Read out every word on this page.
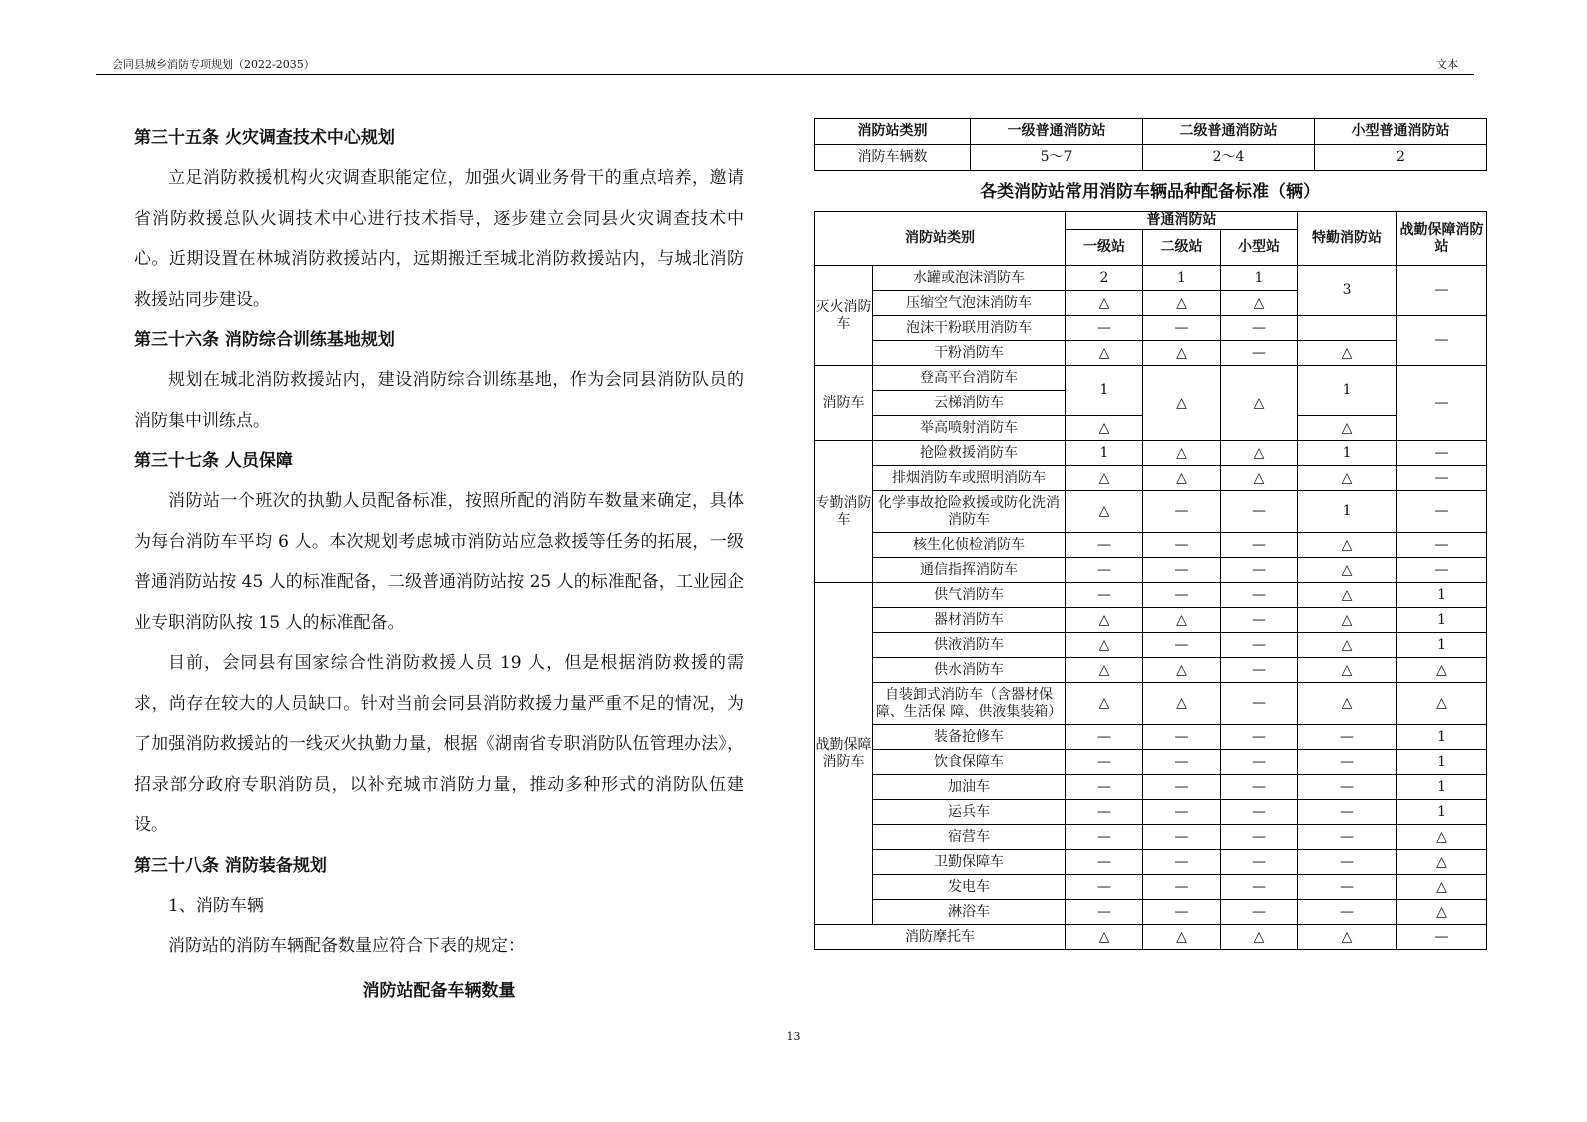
会同县城乡消防专项规划（2022-2035）	文本
第三十五条 火灾调查技术中心规划

立足消防救援机构火灾调查职能定位，加强火调业务骨干的重点培养，邀请省消防救援总队火调技术中心进行技术指导，逐步建立会同县火灾调查技术中心。近期设置在林城消防救援站内，远期搬迁至城北消防救援站内，与城北消防救援站同步建设。

第三十六条 消防综合训练基地规划

规划在城北消防救援站内，建设消防综合训练基地，作为会同县消防队员的消防集中训练点。

第三十七条 人员保障

消防站一个班次的执勤人员配备标准，按照所配的消防车数量来确定，具体为每台消防车平均 6 人。本次规划考虑城市消防站应急救援等任务的拓展，一级普通消防站按 45 人的标准配备，二级普通消防站按 25 人的标准配备，工业园企业专职消防队按 15 人的标准配备。

目前，会同县有国家综合性消防救援人员 19 人，但是根据消防救援的需求，尚存在较大的人员缺口。针对当前会同县消防救援力量严重不足的情况，为了加强消防救援站的一线灭火执勤力量，根据《湖南省专职消防队伍管理办法》，招录部分政府专职消防员，以补充城市消防力量，推动多种形式的消防队伍建设。

第三十八条 消防装备规划

1、消防车辆

消防站的消防车辆配备数量应符合下表的规定：

消防站配备车辆数量
消防站类别	一级普通消防站	二级普通消防站	小型普通消防站
消防车辆数	5～7	2～4	2
各类消防站常用消防车辆品种配备标准（辆）
消防站类别		普通消防站			特勤消防站	战勤保障消防站
		一级站	二级站	小型站		
灭火消防车	水罐或泡沫消防车	2	1	1	3	—
	压缩空气泡沫消防车	△	△	△		
	泡沫干粉联用消防车	—	—	—		—
	干粉消防车	△	△	—	△	
消防车	登高平台消防车	1	△	△	1	—
	云梯消防车					
	举高喷射消防车	△			△	
专勤消防车	抢险救援消防车	1	△	△	1	—
	排烟消防车或照明消防车	△	△	△	△	—
	化学事故抢险救援或防化洗消消防车	△	—	—	1	—
	核生化侦检消防车	—	—	—	△	—
	通信指挥消防车	—	—	—	△	—
战勤保障消防车	供气消防车	—	—	—	△	1
	器材消防车	△	△	—	△	1
	供液消防车	△	—	—	△	1
	供水消防车	△	△	—	△	△
	自装卸式消防车（含器材保障、生活保 障、供液集装箱）	△	△	—	△	△
	装备抢修车	—	—	—	—	1
	饮食保障车	—	—	—	—	1
	加油车	—	—	—	—	1
	运兵车	—	—	—	—	1
	宿营车	—	—	—	—	△
	卫勤保障车	—	—	—	—	△
	发电车	—	—	—	—	△
	淋浴车	—	—	—	—	△
消防摩托车		△	△	△	△	—
13
